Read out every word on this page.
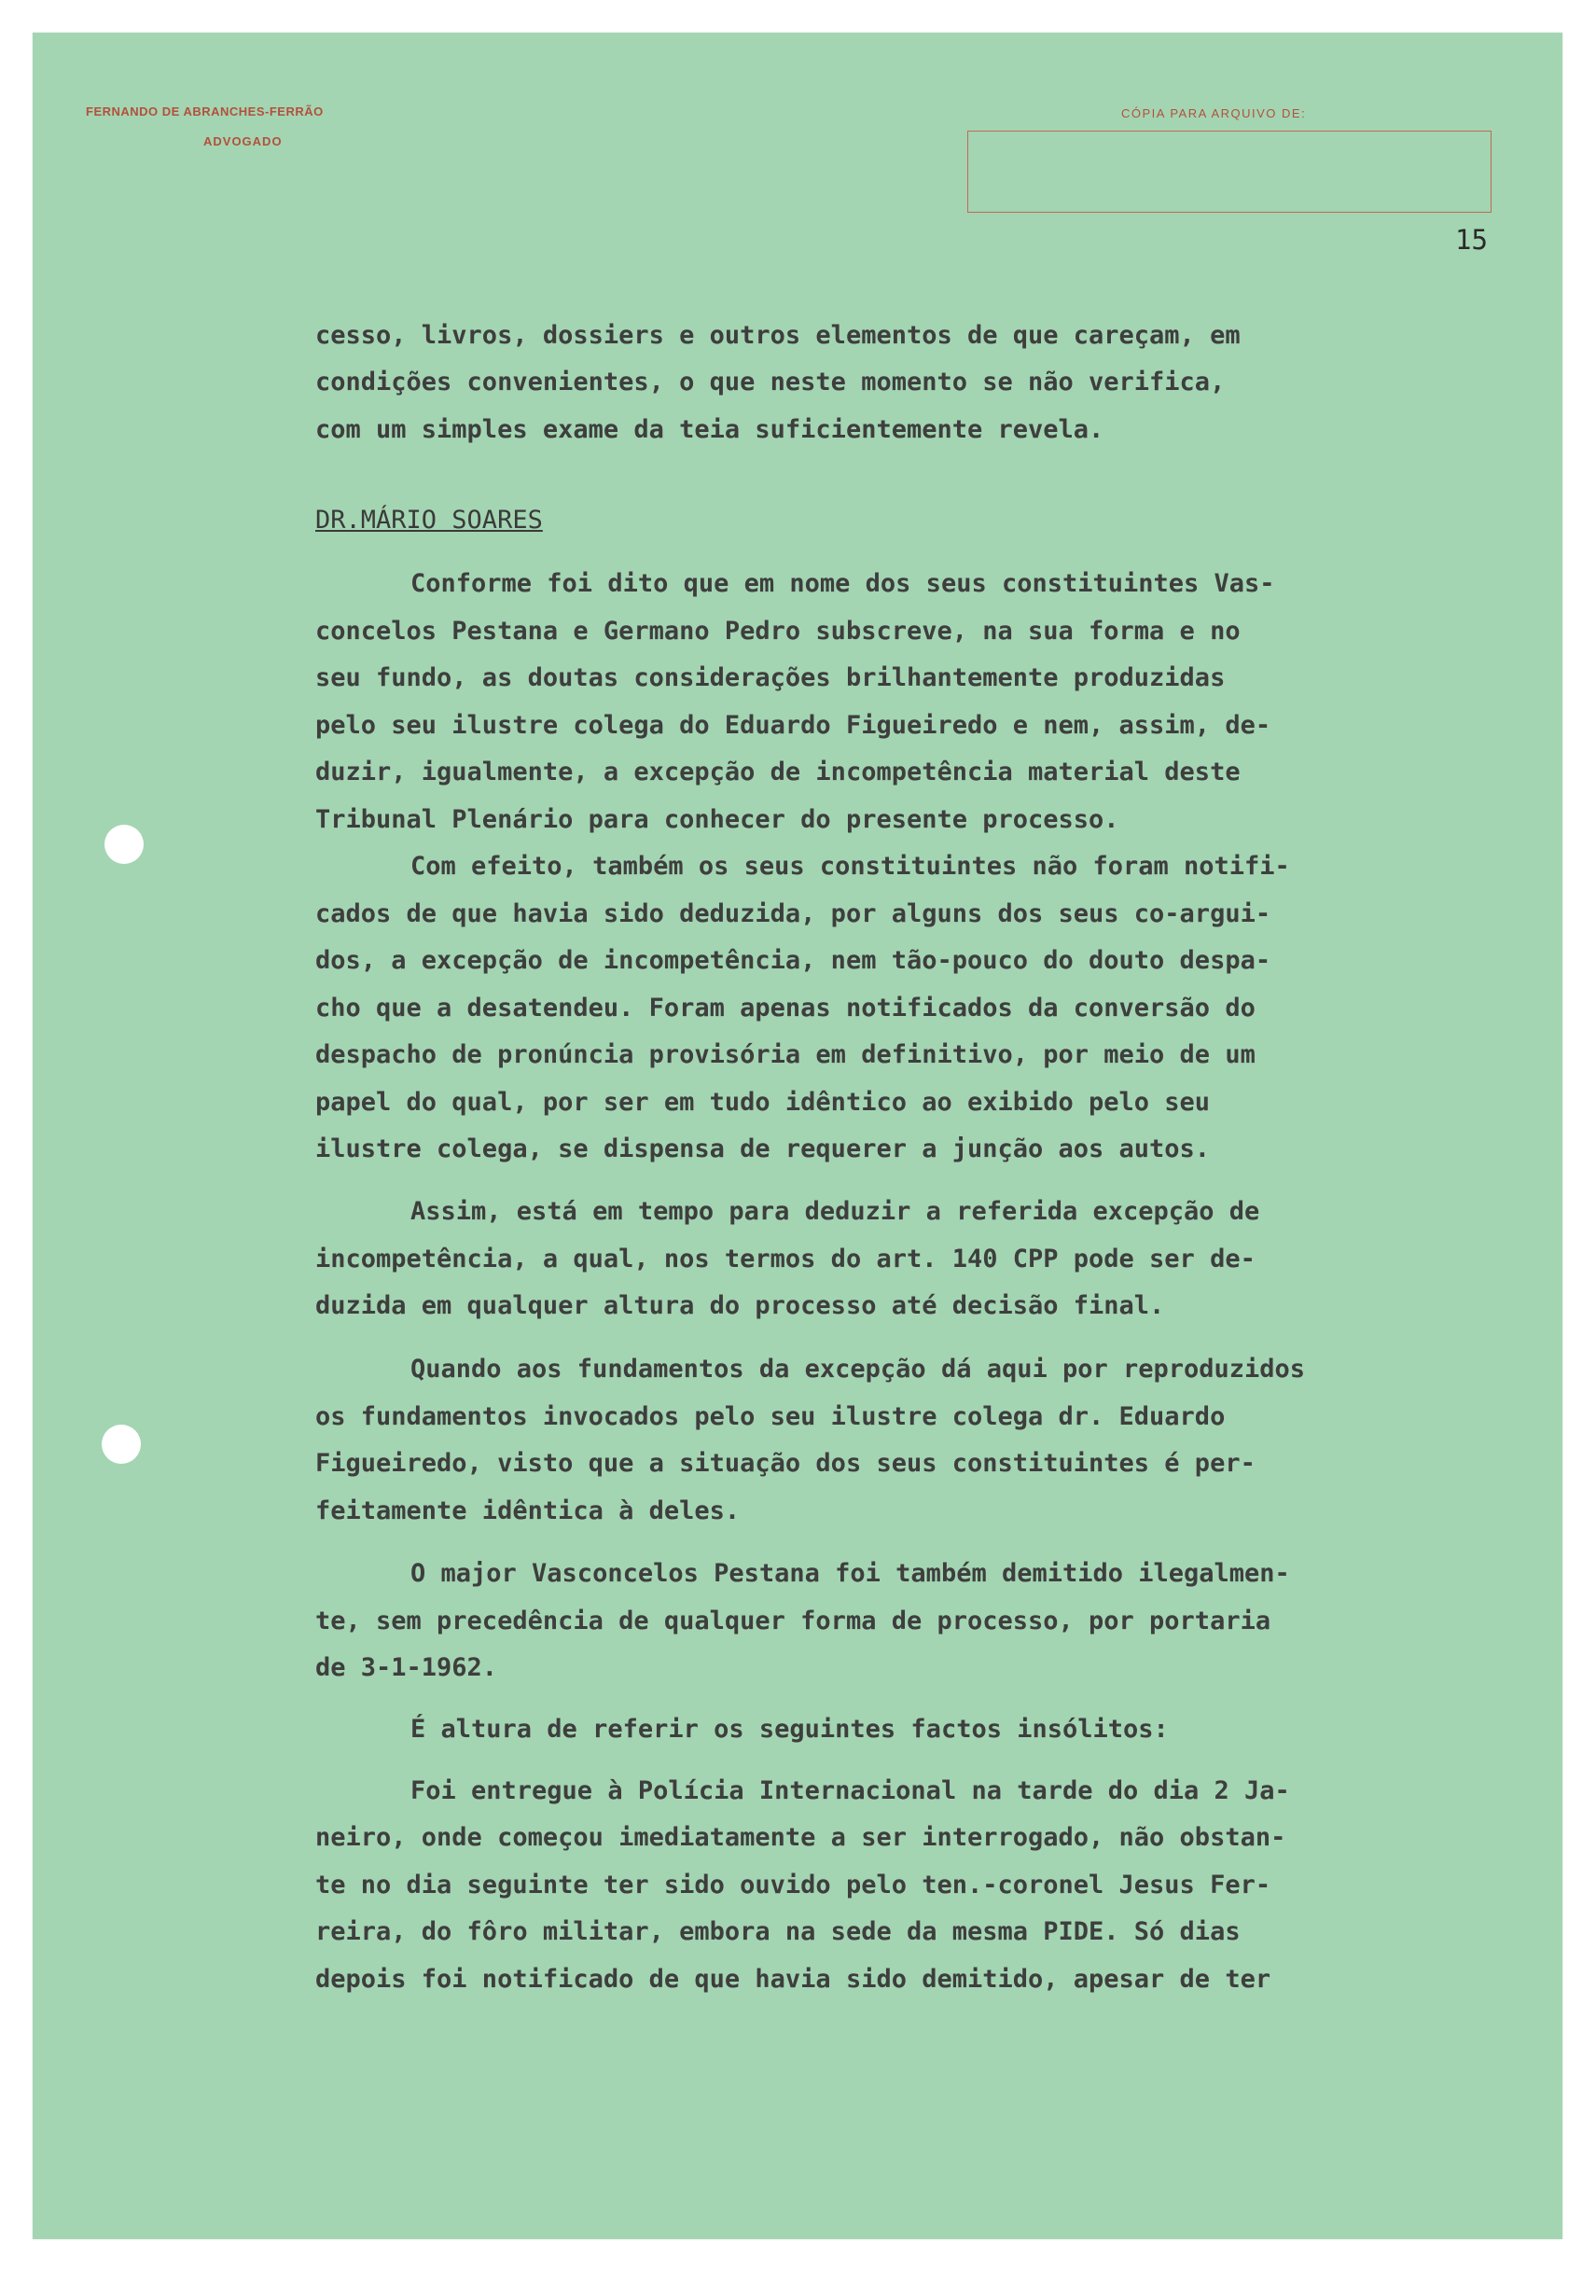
FERNANDO DE ABRANCHES-FERRÃO
ADVOGADO
CÓPIA PARA ARQUIVO DE:
15
DR.MÁRIO SOARES
cesso, livros, dossiers e outros elementos de que careçam, em
condições convenientes, o que neste momento se não verifica,
com um simples exame da teia suficientemente revela.
Conforme foi dito que em nome dos seus constituintes Vas-
concelos Pestana e Germano Pedro subscreve, na sua forma e no
seu fundo, as doutas considerações brilhantemente produzidas
pelo seu ilustre colega do Eduardo Figueiredo e nem, assim, de-
duzir, igualmente, a excepção de incompetência material deste
Tribunal Plenário para conhecer do presente processo.
Com efeito, também os seus constituintes não foram notifi-
cados de que havia sido deduzida, por alguns dos seus co-argui-
dos, a excepção de incompetência, nem tão-pouco do douto despa-
cho que a desatendeu. Foram apenas notificados da conversão do
despacho de pronúncia provisória em definitivo, por meio de um
papel do qual, por ser em tudo idêntico ao exibido pelo seu
ilustre colega, se dispensa de requerer a junção aos autos.
Assim, está em tempo para deduzir a referida excepção de
incompetência, a qual, nos termos do art. 140 CPP pode ser de-
duzida em qualquer altura do processo até decisão final.
Quando aos fundamentos da excepção dá aqui por reproduzidos
os fundamentos invocados pelo seu ilustre colega dr. Eduardo
Figueiredo, visto que a situação dos seus constituintes é per-
feitamente idêntica à deles.
O major Vasconcelos Pestana foi também demitido ilegalmen-
te, sem precedência de qualquer forma de processo, por portaria
de 3-1-1962.
É altura de referir os seguintes factos insólitos:
Foi entregue à Polícia Internacional na tarde do dia 2 Ja-
neiro, onde começou imediatamente a ser interrogado, não obstan-
te no dia seguinte ter sido ouvido pelo ten.-coronel Jesus Fer-
reira, do fôro militar, embora na sede da mesma PIDE. Só dias
depois foi notificado de que havia sido demitido, apesar de ter
